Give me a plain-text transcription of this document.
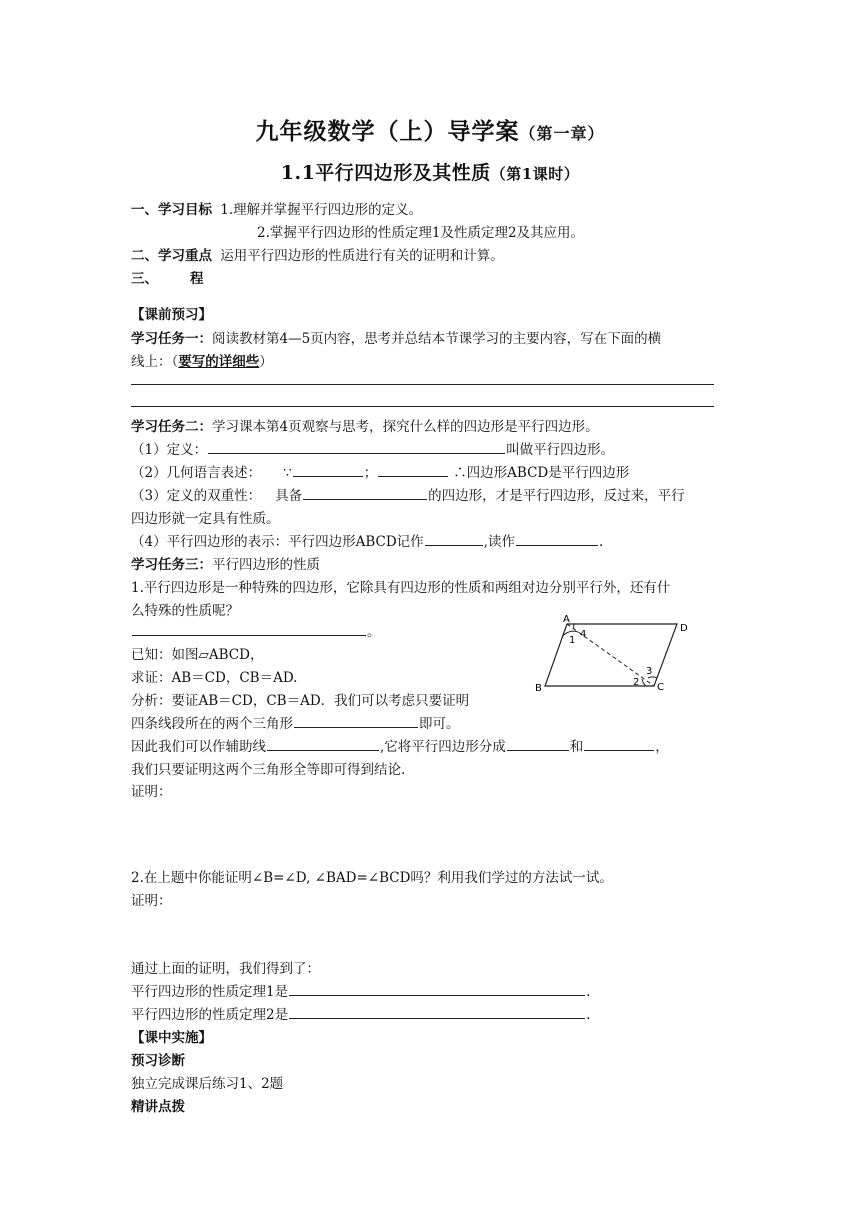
九年级数学（上）导学案（第一章）
1.1平行四边形及其性质（第1课时）
一、学习目标 1.理解并掌握平行四边形的定义。
2.掌握平行四边形的性质定理1及性质定理2及其应用。
二、学习重点 运用平行四边形的性质进行有关的证明和计算。
三、 程
【课前预习】
学习任务一：阅读教材第4—5页内容，思考并总结本节课学习的主要内容，写在下面的横
线上：（要写的详细些）
学习任务二：学习课本第4页观察与思考，探究什么样的四边形是平行四边形。
（1）定义：	叫做平行四边形。
（2）几何语言表述： ∵	；	∴四边形ABCD是平行四边形
（3）定义的双重性： 具备	的四边形，才是平行四边形，反过来，平行
四边形就一定具有性质。
（4）平行四边形的表示：平行四边形ABCD记作	,读作	.
学习任务三：平行四边形的性质
1.平行四边形是一种特殊的四边形，它除具有四边形的性质和两组对边分别平行外，还有什
么特殊的性质呢？
。
已知：如图▱ABCD，
求证：AB＝CD，CB＝AD.
分析：要证AB＝CD，CB＝AD．我们可以考虑只要证明
四条线段所在的两个三角形	即可。
因此我们可以作辅助线	,它将平行四边形分成	和	，
我们只要证明这两个三角形全等即可得到结论.
证明：
A
D
B	C
1
4
2
3
2.在上题中你能证明∠B=∠D, ∠BAD=∠BCD吗？利用我们学过的方法试一试。
证明：
通过上面的证明，我们得到了：
平行四边形的性质定理1是	.
平行四边形的性质定理2是	.
【课中实施】
预习诊断
独立完成课后练习1、2题
精讲点拨
